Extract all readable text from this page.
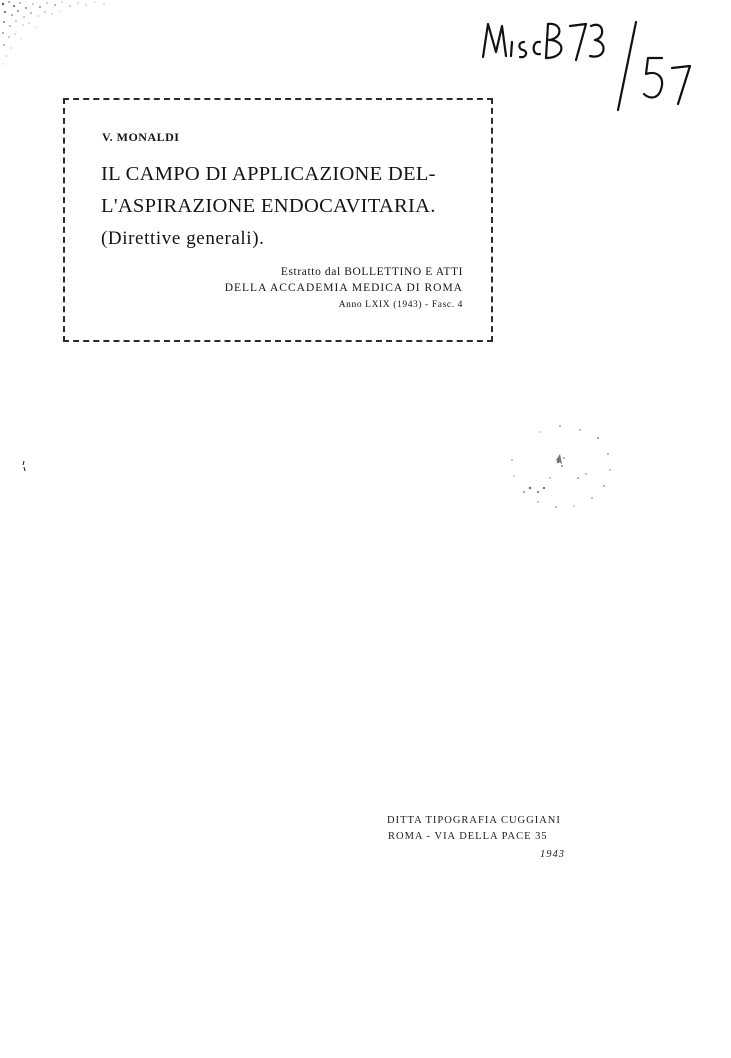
V. MONALDI
IL CAMPO DI APPLICAZIONE DEL-
L'ASPIRAZIONE ENDOCAVITARIA.
(Direttive generali).
Estratto dal BOLLETTINO E ATTI
DELLA ACCADEMIA MEDICA DI ROMA
Anno LXIX (1943) - Fasc. 4
DITTA TIPOGRAFIA CUGGIANI
ROMA - VIA DELLA PACE 35
1943
